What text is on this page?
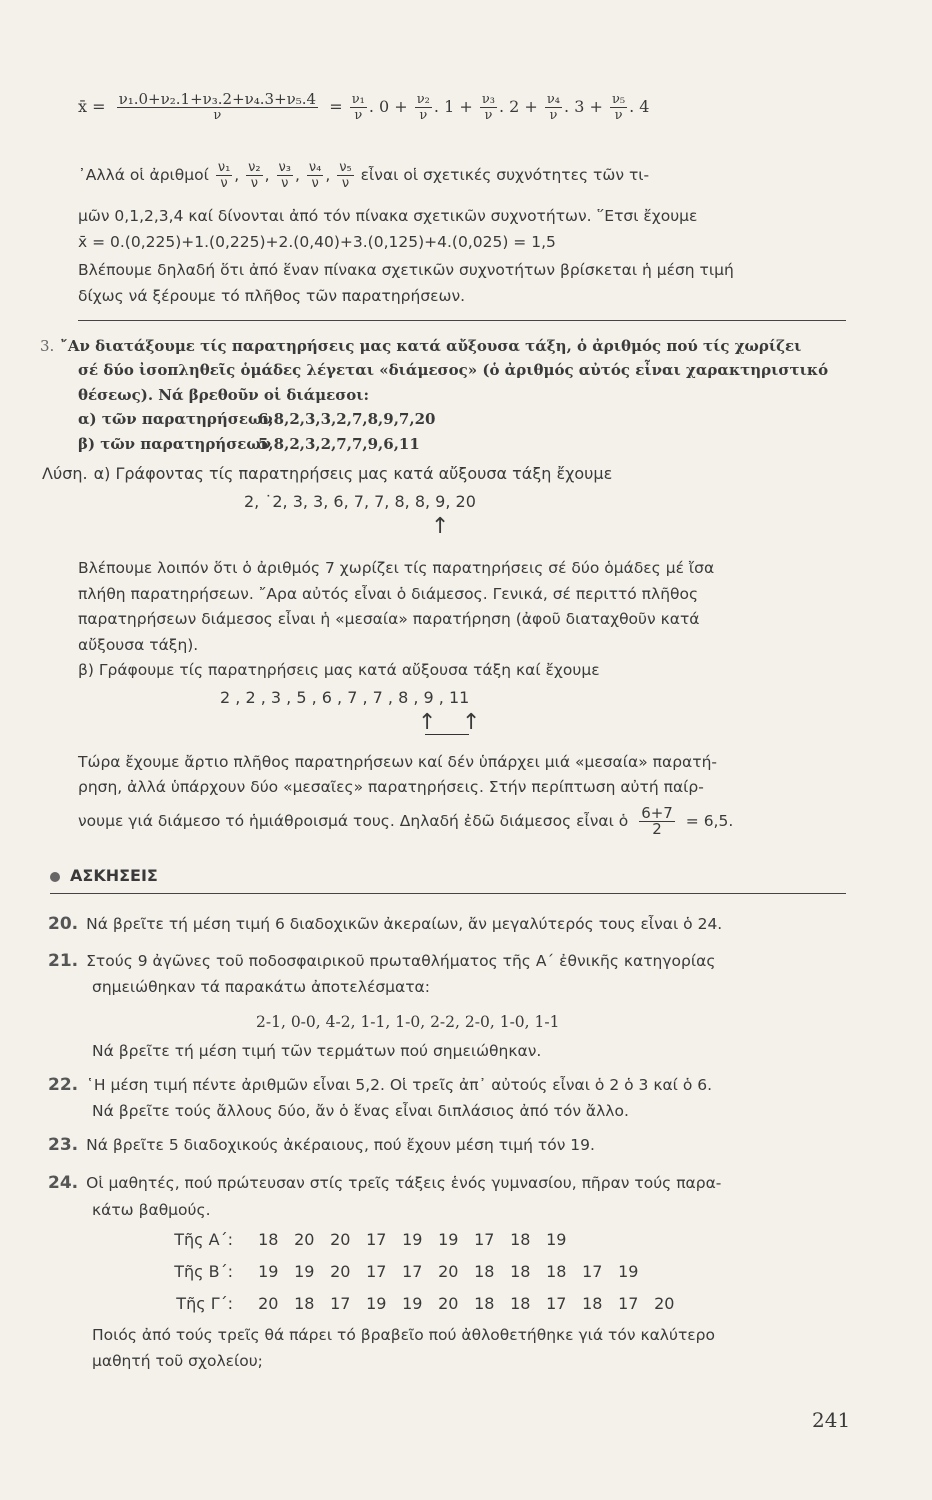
x̄ = $\frac{\text{ν₁.0+ν₂.1+ν₃.2+ν₄.3+ν₅.4}}{\nu} = \frac{\text{ν₁}}{\nu}$ . $0 + \frac{\text{ν₂}}{\nu}$ . $1 + \frac{\text{ν₃}}{\nu}$ . $2 + \frac{\text{ν₄}}{\nu}$ . $3 + \frac{\text{ν₅}}{\nu}$ . 4
᾿Αλλά οἱ ἀριθμοί $\frac{\text{ν₁}}{\nu}$ , $\frac{\text{ν₂}}{\nu}$ , $\frac{\text{ν₃}}{\nu}$ , $\frac{\text{ν₄}}{\nu}$ , $\frac{\text{ν₅}}{\nu}$ εἶναι οἱ σχετικές συχνότητες τῶν τι-
μῶν 0,1,2,3,4 καί δίνονται ἀπό τόν πίνακα σχετικῶν συχνοτήτων. ῞Ετσι ἔχουμε
x̄ = 0.(0,225)+1.(0,225)+2.(0,40)+3.(0,125)+4.(0,025) = 1,5
Βλέπουμε δηλαδή ὅτι ἀπό ἕναν πίνακα σχετικῶν συχνοτήτων βρίσκεται ἡ μέση τιμή
δίχως νά ξέρουμε τό πλῆθος τῶν παρατηρήσεων.
3. ῎Αν διατάξουμε τίς παρατηρήσεις μας κατά αὔξουσα τάξη, ὁ ἀριθμός πού τίς χωρίζει
σέ δύο ἰσοπληθεῖς ὁμάδες λέγεται «διάμεσος» (ὁ ἀριθμός αὐτός εἶναι χαρακτηριστικό
θέσεως). Νά βρεθοῦν οἱ διάμεσοι:
α) τῶν παρατηρήσεων6,8,2,3,3,2,7,8,9,7,20
β) τῶν παρατηρήσεων5,8,2,3,2,7,7,9,6,11
Λύση. α) Γράφοντας τίς παρατηρήσεις μας κατά αὔξουσα τάξη ἔχουμε
2, ˙2, 3, 3, 6, 7, 7, 8, 8, 9, 20
↑
Βλέπουμε λοιπόν ὅτι ὁ ἀριθμός 7 χωρίζει τίς παρατηρήσεις σέ δύο ὁμάδες μέ ἴσα
πλήθη παρατηρήσεων. ῎Αρα αὐτός εἶναι ὁ διάμεσος. Γενικά, σέ περιττό πλῆθος
παρατηρήσεων διάμεσος εἶναι ἡ «μεσαία» παρατήρηση (ἀφοῦ διαταχθοῦν κατά
αὔξουσα τάξη).
β) Γράφουμε τίς παρατηρήσεις μας κατά αὔξουσα τάξη καί ἔχουμε
2 , 2 , 3 , 5 , 6 , 7 , 7 , 8 , 9 , 11
↑ ↑
Τώρα ἔχουμε ἄρτιο πλῆθος παρατηρήσεων καί δέν ὑπάρχει μιά «μεσαία» παρατή-
ρηση, ἀλλά ὑπάρχουν δύο «μεσαῖες» παρατηρήσεις. Στήν περίπτωση αὐτή παίρ-
νουμε γιά διάμεσο τό ἡμιάθροισμά τους. Δηλαδή ἐδῶ διάμεσος εἶναι ὁ $\frac{6+7}{2} = 6,5$.
ΑΣΚΗΣΕΙΣ
20. Νά βρεῖτε τή μέση τιμή 6 διαδοχικῶν ἀκεραίων, ἄν μεγαλύτερός τους εἶναι ὁ 24.
21. Στούς 9 ἀγῶνες τοῦ ποδοσφαιρικοῦ πρωταθλήματος τῆς Α΄ ἐθνικῆς κατηγορίας
σημειώθηκαν τά παρακάτω ἀποτελέσματα:
2-1, 0-0, 4-2, 1-1, 1-0, 2-2, 2-0, 1-0, 1-1
Νά βρεῖτε τή μέση τιμή τῶν τερμάτων πού σημειώθηκαν.
22. ῾Η μέση τιμή πέντε ἀριθμῶν εἶναι 5,2. Οἱ τρεῖς ἀπ᾿ αὐτούς εἶναι ὁ 2 ὁ 3 καί ὁ 6.
Νά βρεῖτε τούς ἄλλους δύο, ἄν ὁ ἕνας εἶναι διπλάσιος ἀπό τόν ἄλλο.
23. Νά βρεῖτε 5 διαδοχικούς ἀκέραιους, πού ἔχουν μέση τιμή τόν 19.
24. Οἱ μαθητές, πού πρώτευσαν στίς τρεῖς τάξεις ἑνός γυμνασίου, πῆραν τούς παρα-
κάτω βαθμούς.
Τῆς Α΄: 18 20 20 17 19 19 17 18 19
Τῆς Β΄: 19 19 20 17 17 20 18 18 18 17 19
Τῆς Γ΄: 20 18 17 19 19 20 18 18 17 18 17 20
Ποιός ἀπό τούς τρεῖς θά πάρει τό βραβεῖο πού ἀθλοθετήθηκε γιά τόν καλύτερο
μαθητή τοῦ σχολείου;
241
